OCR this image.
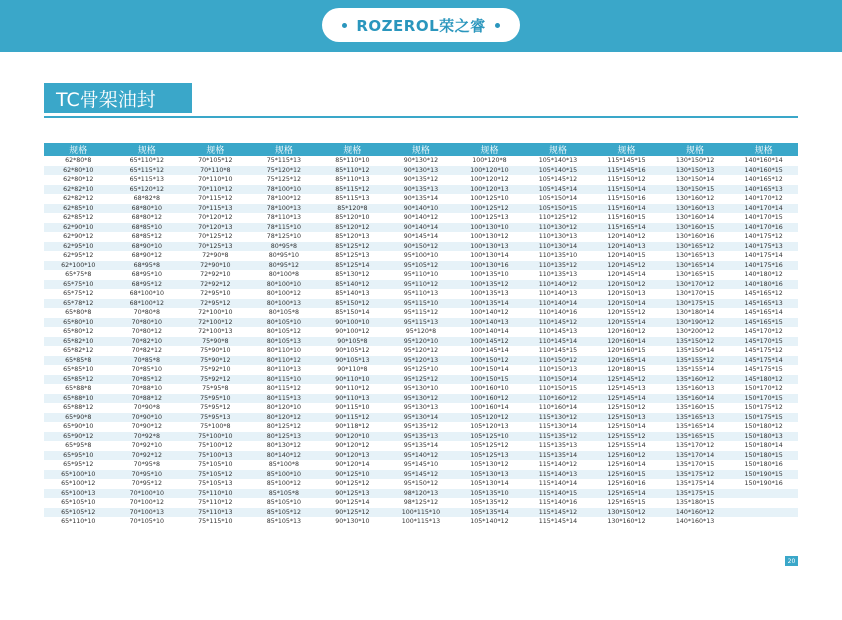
ROZEROL荣之睿
TC骨架油封
规格	规格	规格	规格	规格	规格	规格	规格	规格	规格	规格
62*80*8	65*110*12	70*105*12	75*115*13	85*110*10	90*130*12	100*120*8	105*140*13	115*145*15	130*150*12	140*160*14
62*80*10	65*115*12	70*110*8	75*120*12	85*110*12	90*130*13	100*120*10	105*140*15	115*145*16	130*150*13	140*160*15
62*80*12	65*115*13	70*110*10	75*125*12	85*110*13	90*135*12	100*120*12	105*145*12	115*150*12	130*150*14	140*165*12
62*82*10	65*120*12	70*110*12	78*100*10	85*115*12	90*135*13	100*120*13	105*145*14	115*150*14	130*150*15	140*165*13
62*82*12	68*82*8	70*115*12	78*100*12	85*115*13	90*135*14	100*125*10	105*150*14	115*150*16	130*160*12	140*170*12
62*85*10	68*80*10	70*115*13	78*100*13	85*120*8	90*140*10	100*125*12	105*150*15	115*160*14	130*160*13	140*170*14
62*85*12	68*80*12	70*120*12	78*110*13	85*120*10	90*140*12	100*125*13	110*125*12	115*160*15	130*160*14	140*170*15
62*90*10	68*85*10	70*120*13	78*115*10	85*120*12	90*140*14	100*130*10	110*130*12	115*165*14	130*160*15	140*170*16
62*90*12	68*85*12	70*125*12	78*125*10	85*120*13	90*145*14	100*130*12	110*130*13	120*140*12	130*160*16	140*175*12
62*95*10	68*90*10	70*125*13	80*95*8	85*125*12	90*150*12	100*130*13	110*130*14	120*140*13	130*165*12	140*175*13
62*95*12	68*90*12	72*90*8	80*95*10	85*125*13	95*100*10	100*130*14	110*135*10	120*140*15	130*165*13	140*175*14
62*100*10	68*95*8	72*90*10	80*95*12	85*125*14	95*105*12	100*130*16	110*135*12	120*145*12	130*165*14	140*175*16
65*75*8	68*95*10	72*92*10	80*100*8	85*130*12	95*110*10	100*135*10	110*135*13	120*145*14	130*165*15	140*180*12
65*75*10	68*95*12	72*92*12	80*100*10	85*140*12	95*110*12	100*135*12	110*140*12	120*150*12	130*170*12	140*180*16
65*75*12	68*100*10	72*95*10	80*100*12	85*140*13	95*110*13	100*135*13	110*140*13	120*150*13	130*170*15	145*165*12
65*78*12	68*100*12	72*95*12	80*100*13	85*150*12	95*115*10	100*135*14	110*140*14	120*150*14	130*175*15	145*165*13
65*80*8	70*80*8	72*100*10	80*105*8	85*150*14	95*115*12	100*140*12	110*140*16	120*155*12	130*180*14	145*165*14
65*80*10	70*80*10	72*100*12	80*105*10	90*100*10	95*115*13	100*140*13	110*145*12	120*155*14	130*190*12	145*165*15
65*80*12	70*80*12	72*100*13	80*105*12	90*100*12	95*120*8	100*140*14	110*145*13	120*160*12	130*200*12	145*170*12
65*82*10	70*82*10	75*90*8	80*105*13	90*105*8	95*120*10	100*145*12	110*145*14	120*160*14	135*150*12	145*170*15
65*82*12	70*82*12	75*90*10	80*110*10	90*105*12	95*120*12	100*145*14	110*145*15	120*160*15	135*150*14	145*175*12
65*85*8	70*85*8	75*90*12	80*110*12	90*105*13	95*120*13	100*150*12	110*150*12	120*165*14	135*155*12	145*175*14
65*85*10	70*85*10	75*92*10	80*110*13	90*110*8	95*125*10	100*150*14	110*150*13	120*180*15	135*155*14	145*175*15
65*85*12	70*85*12	75*92*12	80*115*10	90*110*10	95*125*12	100*150*15	110*150*14	125*145*12	135*160*12	145*180*12
65*88*8	70*88*10	75*95*8	80*115*12	90*110*12	95*130*10	100*160*10	110*150*15	125*145*13	135*160*13	150*170*12
65*88*10	70*88*12	75*95*10	80*115*13	90*110*13	95*130*12	100*160*12	110*160*12	125*145*14	135*160*14	150*170*15
65*88*12	70*90*8	75*95*12	80*120*10	90*115*10	95*130*13	100*160*14	110*160*14	125*150*12	135*160*15	150*175*12
65*90*8	70*90*10	75*95*13	80*120*12	90*115*12	95*130*14	105*120*12	115*130*12	125*150*13	135*165*13	150*175*15
65*90*10	70*90*12	75*100*8	80*125*12	90*118*12	95*135*12	105*120*13	115*130*14	125*150*14	135*165*14	150*180*12
65*90*12	70*92*8	75*100*10	80*125*13	90*120*10	95*135*13	105*125*10	115*135*12	125*155*12	135*165*15	150*180*13
65*95*8	70*92*10	75*100*12	80*130*12	90*120*12	95*135*14	105*125*12	115*135*13	125*155*14	135*170*12	150*180*14
65*95*10	70*92*12	75*100*13	80*140*12	90*120*13	95*140*12	105*125*13	115*135*14	125*160*12	135*170*14	150*180*15
65*95*12	70*95*8	75*105*10	85*100*8	90*120*14	95*145*10	105*130*12	115*140*12	125*160*14	135*170*15	150*180*16
65*100*10	70*95*10	75*105*12	85*100*10	90*125*10	95*145*12	105*130*13	115*140*13	125*160*15	135*175*12	150*190*15
65*100*12	70*95*12	75*105*13	85*100*12	90*125*12	95*150*12	105*130*14	115*140*14	125*160*16	135*175*14	150*190*16
65*100*13	70*100*10	75*110*10	85*105*8	90*125*13	98*120*13	105*135*10	115*140*15	125*165*14	135*175*15	
65*105*10	70*100*12	75*110*12	85*105*10	90*125*14	98*125*12	105*135*12	115*140*16	125*165*15	135*180*15	
65*105*12	70*100*13	75*110*13	85*105*12	90*125*12	100*115*10	105*135*14	115*145*12	130*150*12	140*160*12	
65*110*10	70*105*10	75*115*10	85*105*13	90*130*10	100*115*13	105*140*12	115*145*14	130*160*12	140*160*13	
20
